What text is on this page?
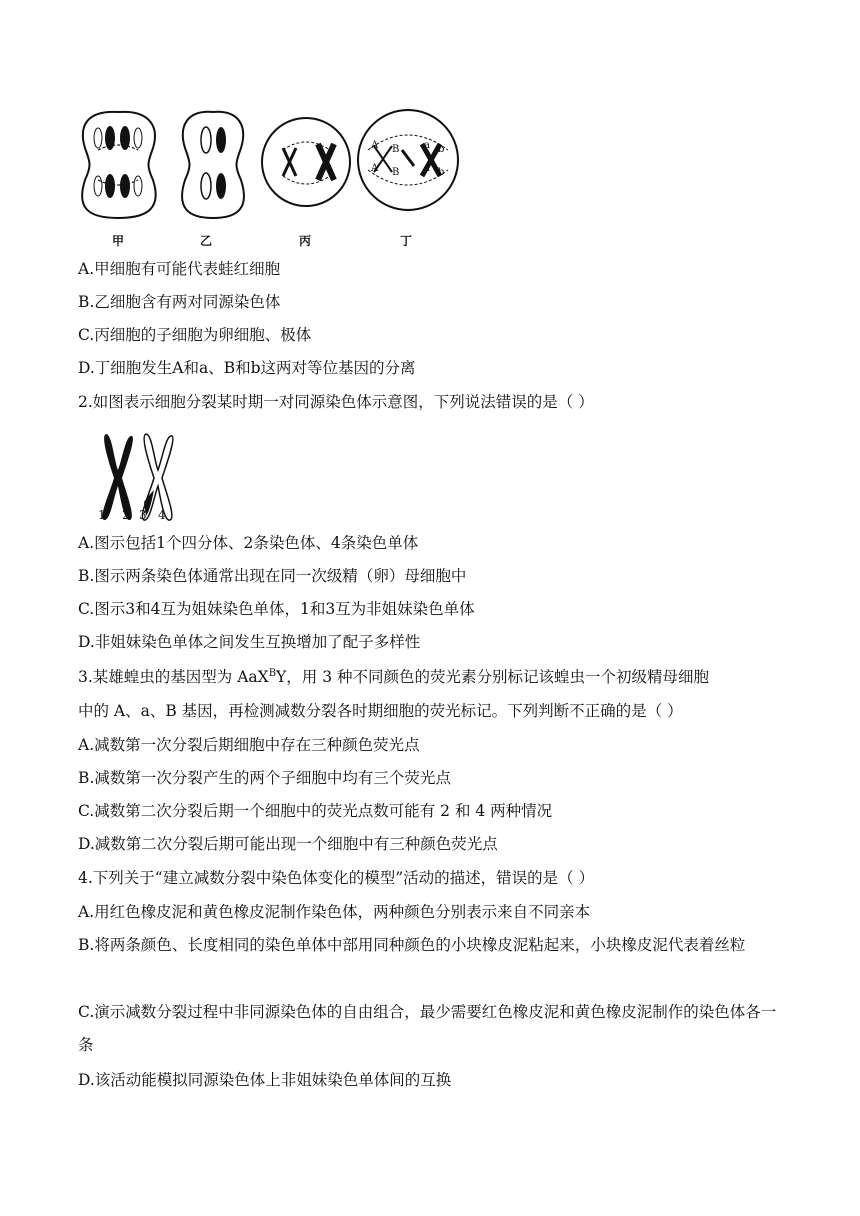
甲	乙	丙	丁
A B
A B
a b
a b
A.甲细胞有可能代表蛙红细胞
B.乙细胞含有两对同源染色体
C.丙细胞的子细胞为卵细胞、极体
D.丁细胞发生A和a、B和b这两对等位基因的分离
2.如图表示细胞分裂某时期一对同源染色体示意图，下列说法错误的是（ ）
1 2 3 4
A.图示包括1个四分体、2条染色体、4条染色单体
B.图示两条染色体通常出现在同一次级精（卵）母细胞中
C.图示3和4互为姐妹染色单体，1和3互为非姐妹染色单体
D.非姐妹染色单体之间发生互换增加了配子多样性
3.某雄蝗虫的基因型为 AaX$^B$Y，用 3 种不同颜色的荧光素分别标记该蝗虫一个初级精母细胞
中的 A、a、B 基因，再检测减数分裂各时期细胞的荧光标记。下列判断不正确的是（ ）
A.减数第一次分裂后期细胞中存在三种颜色荧光点
B.减数第一次分裂产生的两个子细胞中均有三个荧光点
C.减数第二次分裂后期一个细胞中的荧光点数可能有 2 和 4 两种情况
D.减数第二次分裂后期可能出现一个细胞中有三种颜色荧光点
4.下列关于“建立减数分裂中染色体变化的模型”活动的描述，错误的是（ ）
A.用红色橡皮泥和黄色橡皮泥制作染色体，两种颜色分别表示来自不同亲本
B.将两条颜色、长度相同的染色单体中部用同种颜色的小块橡皮泥粘起来，小块橡皮泥代表着丝粒
C.演示减数分裂过程中非同源染色体的自由组合，最少需要红色橡皮泥和黄色橡皮泥制作的染色体各一条
D.该活动能模拟同源染色体上非姐妹染色单体间的互换
